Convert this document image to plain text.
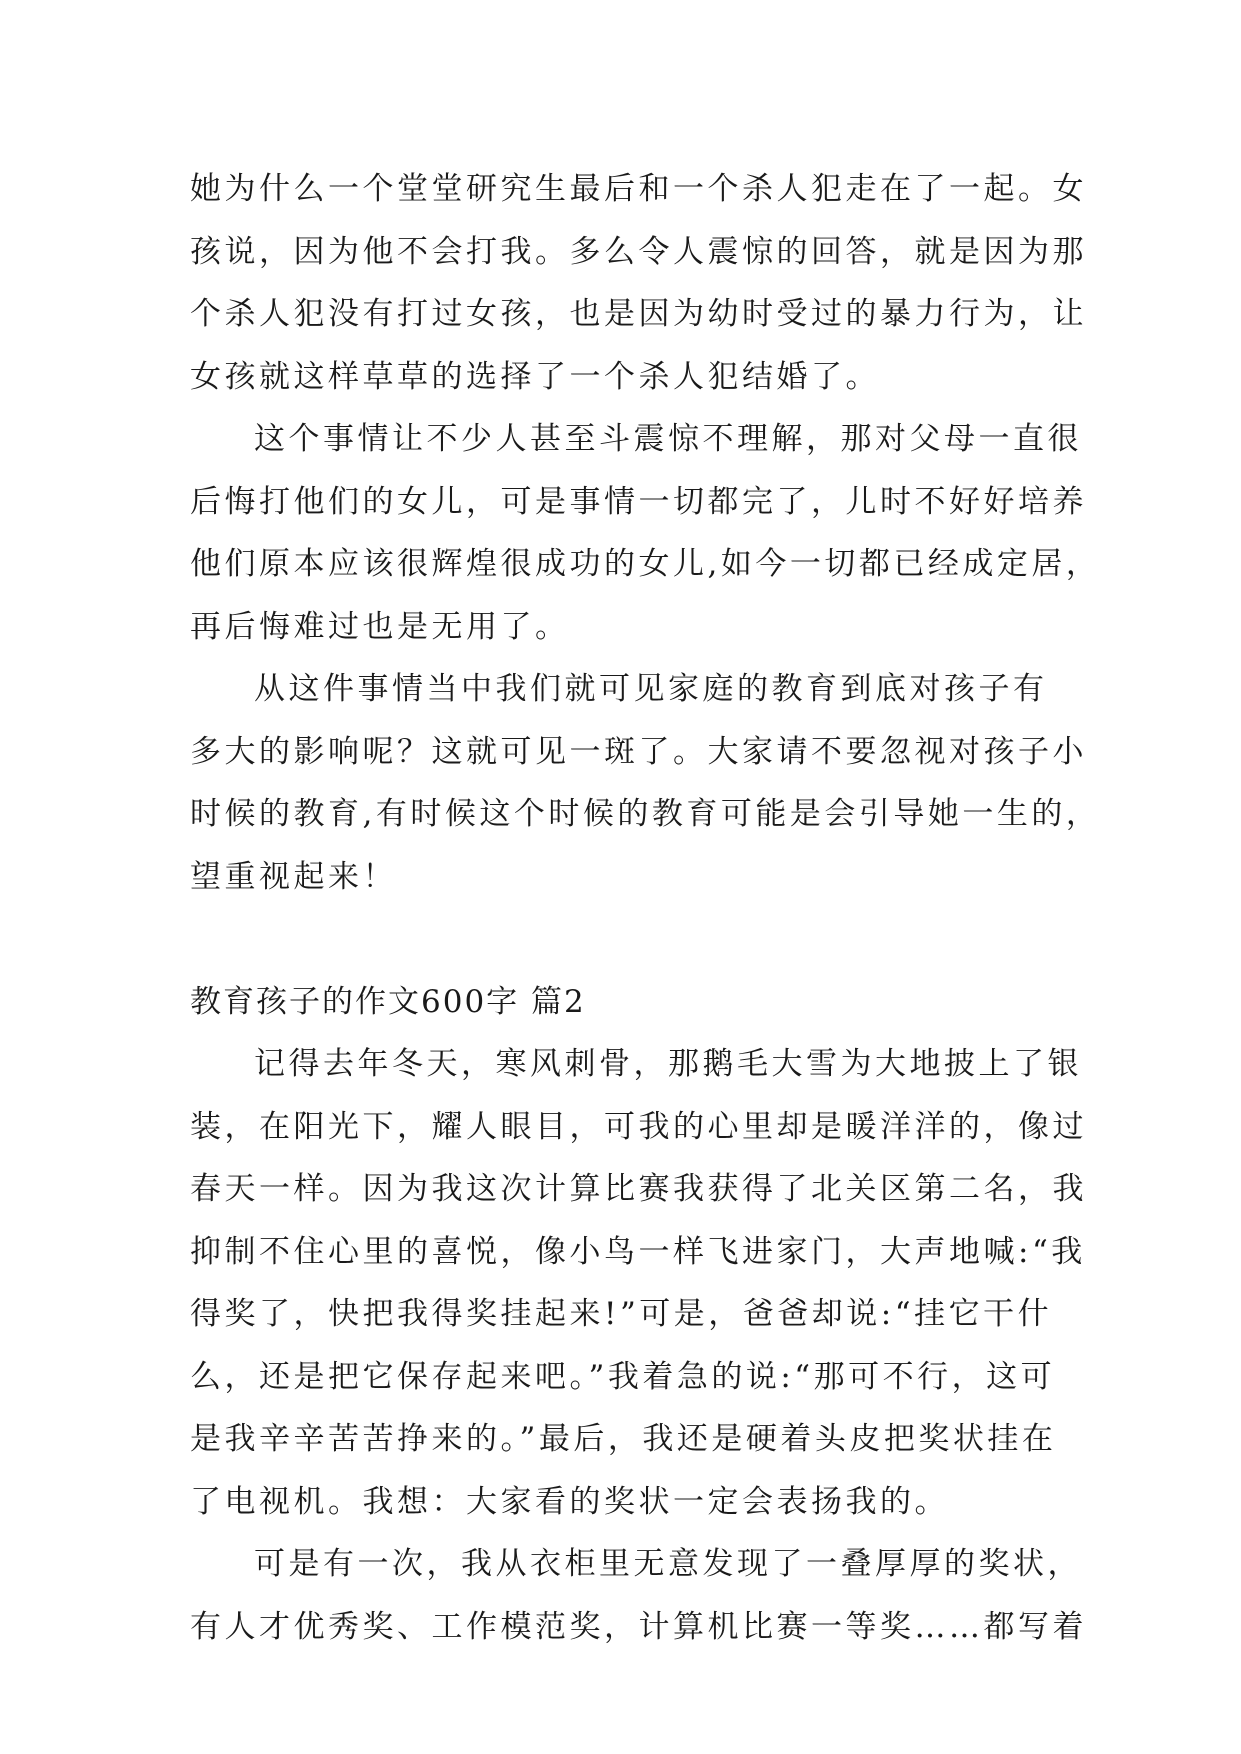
她为什么一个堂堂研究生最后和一个杀人犯走在了一起。女
孩说，因为他不会打我。多么令人震惊的回答，就是因为那
个杀人犯没有打过女孩，也是因为幼时受过的暴力行为，让
女孩就这样草草的选择了一个杀人犯结婚了。
这个事情让不少人甚至斗震惊不理解，那对父母一直很
后悔打他们的女儿，可是事情一切都完了，儿时不好好培养
他们原本应该很辉煌很成功的女儿,如今一切都已经成定居，
再后悔难过也是无用了。
从这件事情当中我们就可见家庭的教育到底对孩子有
多大的影响呢？这就可见一斑了。大家请不要忽视对孩子小
时候的教育,有时候这个时候的教育可能是会引导她一生的，
望重视起来！
教育孩子的作文600字 篇2
记得去年冬天，寒风刺骨，那鹅毛大雪为大地披上了银
装，在阳光下，耀人眼目，可我的心里却是暖洋洋的，像过
春天一样。因为我这次计算比赛我获得了北关区第二名，我
抑制不住心里的喜悦，像小鸟一样飞进家门，大声地喊:“我
得奖了，快把我得奖挂起来!”可是，爸爸却说:“挂它干什
么，还是把它保存起来吧。”我着急的说:“那可不行，这可
是我辛辛苦苦挣来的。”最后，我还是硬着头皮把奖状挂在
了电视机。我想：大家看的奖状一定会表扬我的。
可是有一次，我从衣柜里无意发现了一叠厚厚的奖状，
有人才优秀奖、工作模范奖，计算机比赛一等奖……都写着
